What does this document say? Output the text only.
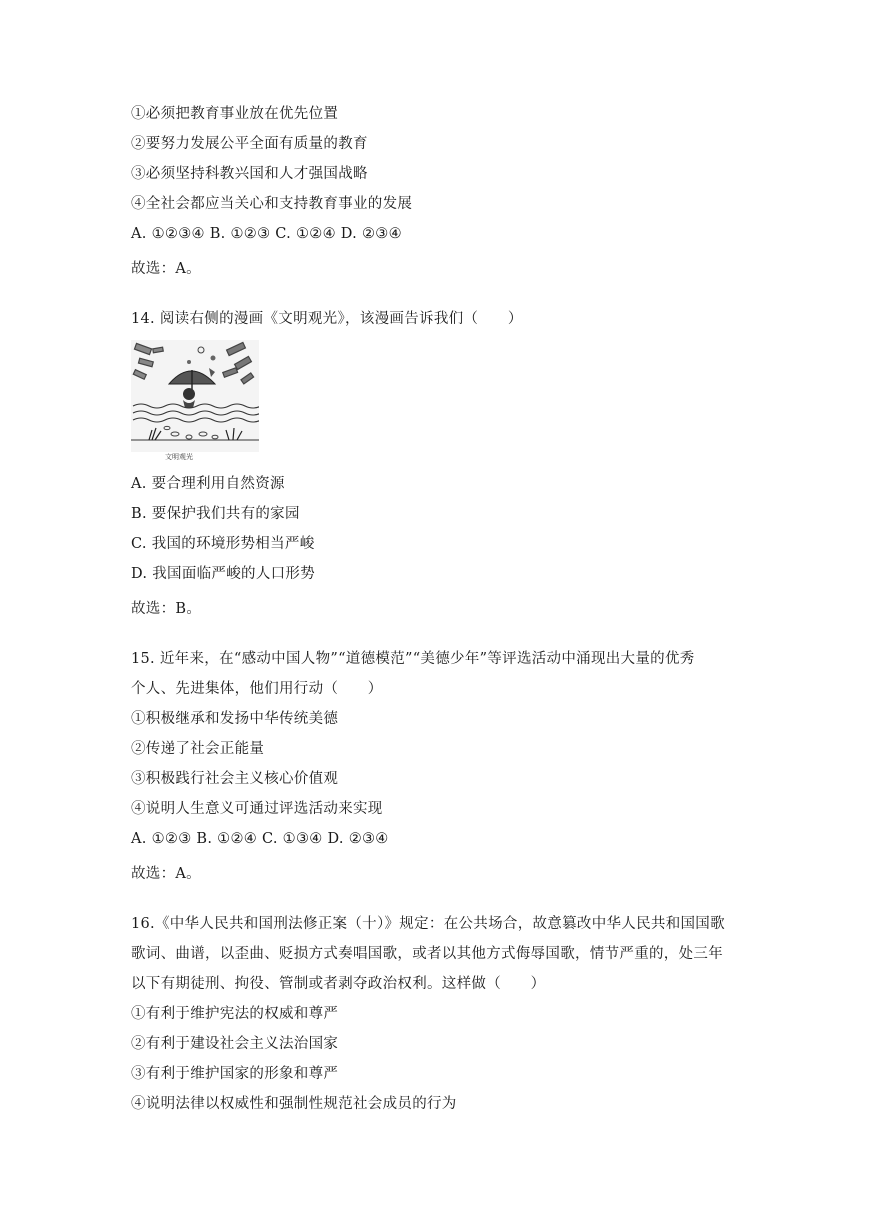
①必须把教育事业放在优先位置
②要努力发展公平全面有质量的教育
③必须坚持科教兴国和人才强国战略
④全社会都应当关心和支持教育事业的发展
A. ①②③④ B. ①②③ C. ①②④ D. ②③④
故选：A。
14. 阅读右侧的漫画《文明观光》，该漫画告诉我们（　　）
文明观光
A. 要合理利用自然资源
B. 要保护我们共有的家园
C. 我国的环境形势相当严峻
D. 我国面临严峻的人口形势
故选：B。
15. 近年来，在“感动中国人物”“道德模范”“美德少年”等评选活动中涌现出大量的优秀
个人、先进集体，他们用行动（　　）
①积极继承和发扬中华传统美德
②传递了社会正能量
③积极践行社会主义核心价值观
④说明人生意义可通过评选活动来实现
A. ①②③ B. ①②④ C. ①③④ D. ②③④
故选：A。
16.《中华人民共和国刑法修正案（十）》规定：在公共场合，故意篡改中华人民共和国国歌
歌词、曲谱，以歪曲、贬损方式奏唱国歌，或者以其他方式侮辱国歌，情节严重的，处三年
以下有期徒刑、拘役、管制或者剥夺政治权利。这样做（　　）
①有利于维护宪法的权威和尊严
②有利于建设社会主义法治国家
③有利于维护国家的形象和尊严
④说明法律以权威性和强制性规范社会成员的行为
